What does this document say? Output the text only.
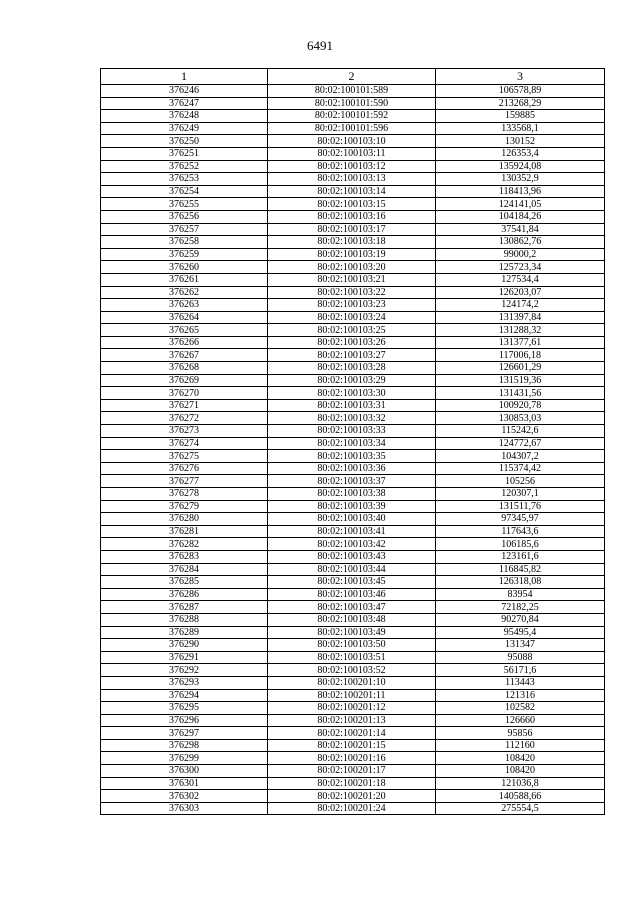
6491
1	2	3
376246	80:02:100101:589	106578,89
376247	80:02:100101:590	213268,29
376248	80:02:100101:592	159885
376249	80:02:100101:596	133568,1
376250	80:02:100103:10	130152
376251	80:02:100103:11	126353,4
376252	80:02:100103:12	135924,08
376253	80:02:100103:13	130352,9
376254	80:02:100103:14	118413,96
376255	80:02:100103:15	124141,05
376256	80:02:100103:16	104184,26
376257	80:02:100103:17	37541,84
376258	80:02:100103:18	130862,76
376259	80:02:100103:19	99000,2
376260	80:02:100103:20	125723,34
376261	80:02:100103:21	127534,4
376262	80:02:100103:22	126203,07
376263	80:02:100103:23	124174,2
376264	80:02:100103:24	131397,84
376265	80:02:100103:25	131288,32
376266	80:02:100103:26	131377,61
376267	80:02:100103:27	117006,18
376268	80:02:100103:28	126601,29
376269	80:02:100103:29	131519,36
376270	80:02:100103:30	131431,56
376271	80:02:100103:31	100920,78
376272	80:02:100103:32	130853,03
376273	80:02:100103:33	115242,6
376274	80:02:100103:34	124772,67
376275	80:02:100103:35	104307,2
376276	80:02:100103:36	115374,42
376277	80:02:100103:37	105256
376278	80:02:100103:38	120307,1
376279	80:02:100103:39	131511,76
376280	80:02:100103:40	97345,97
376281	80:02:100103:41	117643,6
376282	80:02:100103:42	106185,6
376283	80:02:100103:43	123161,6
376284	80:02:100103:44	116845,82
376285	80:02:100103:45	126318,08
376286	80:02:100103:46	83954
376287	80:02:100103:47	72182,25
376288	80:02:100103:48	90270,84
376289	80:02:100103:49	95495,4
376290	80:02:100103:50	131347
376291	80:02:100103:51	95088
376292	80:02:100103:52	56171,6
376293	80:02:100201:10	113443
376294	80:02:100201:11	121316
376295	80:02:100201:12	102582
376296	80:02:100201:13	126660
376297	80:02:100201:14	95856
376298	80:02:100201:15	112160
376299	80:02:100201:16	108420
376300	80:02:100201:17	108420
376301	80:02:100201:18	121036,8
376302	80:02:100201:20	140588,66
376303	80:02:100201:24	275554,5
